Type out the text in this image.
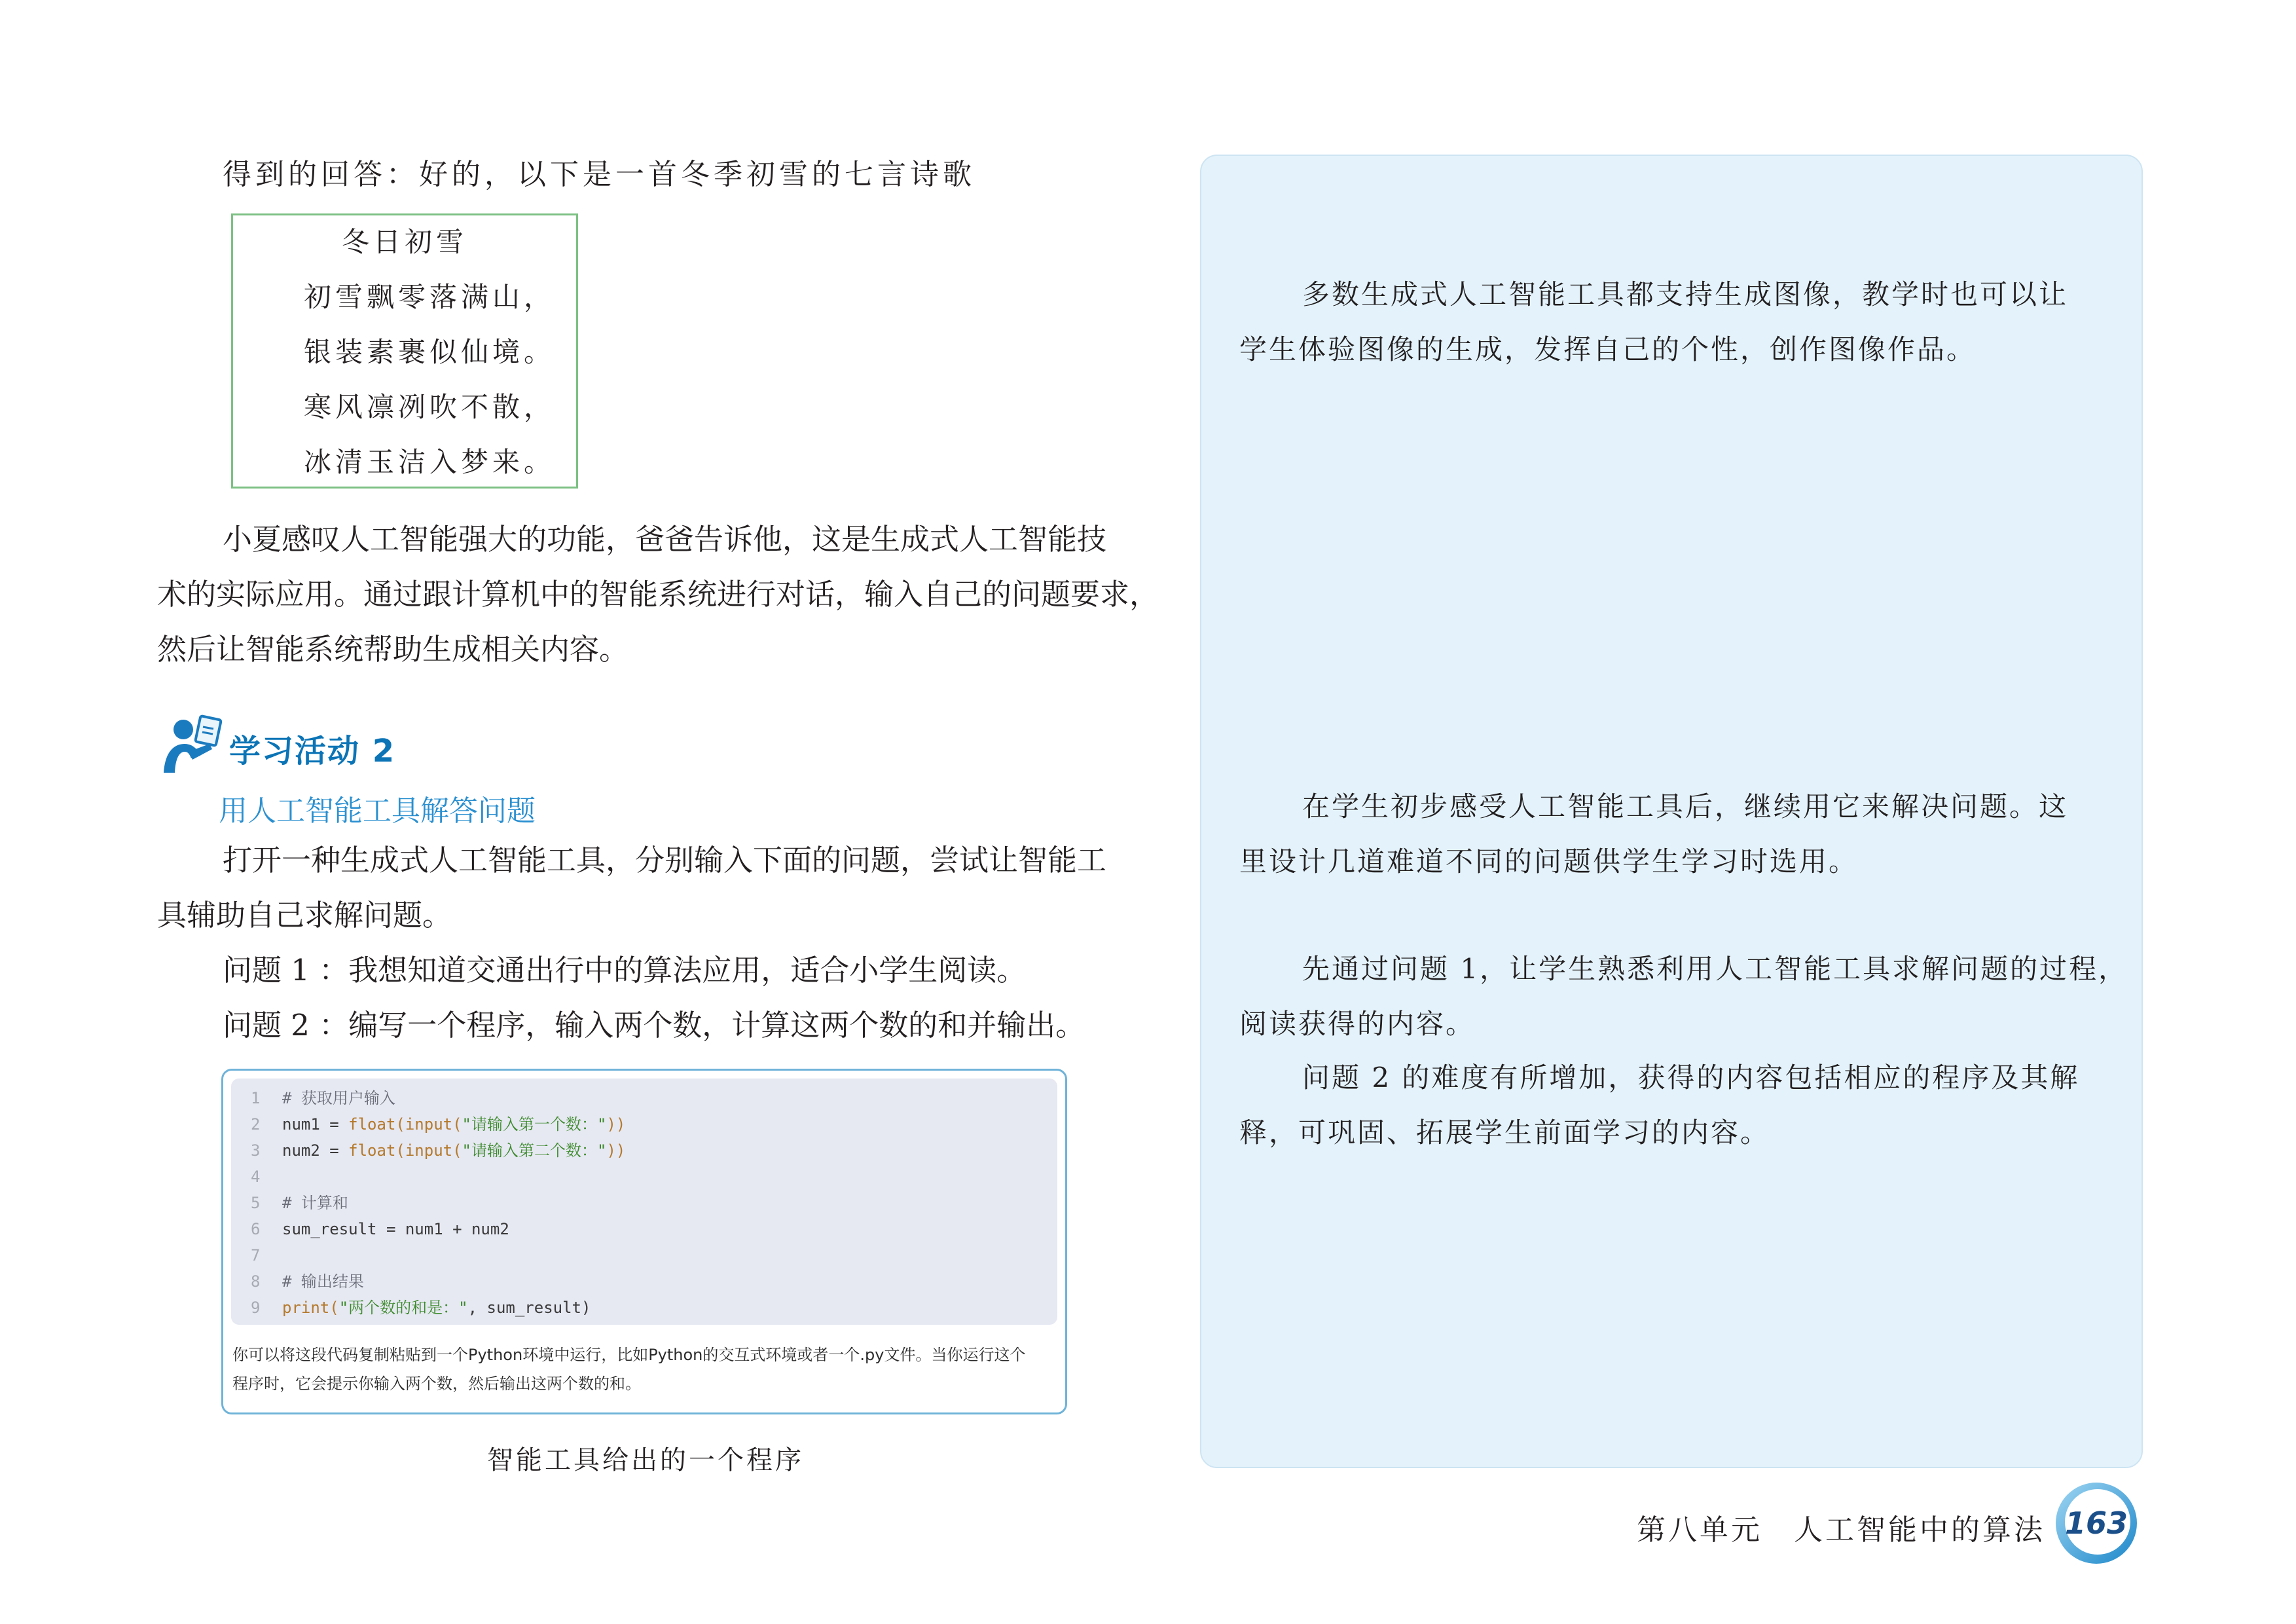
得到的回答：好的，以下是一首冬季初雪的七言诗歌
冬日初雪
初雪飘零落满山，
银装素裹似仙境。
寒风凛冽吹不散，
冰清玉洁入梦来。
小夏感叹人工智能强大的功能，爸爸告诉他，这是生成式人工智能技
术的实际应用。通过跟计算机中的智能系统进行对话，输入自己的问题要求，
然后让智能系统帮助生成相关内容。
学习活动 2
用人工智能工具解答问题
打开一种生成式人工智能工具，分别输入下面的问题，尝试让智能工
具辅助自己求解问题。
问题 1 ：我想知道交通出行中的算法应用，适合小学生阅读。
问题 2 ：编写一个程序，输入两个数，计算这两个数的和并输出。
1 # 获取用户输入
2 num1 = float(input("请输入第一个数："))
3 num2 = float(input("请输入第二个数："))
4
5 # 计算和
6 sum_result = num1 + num2
7
8 # 输出结果
9 print("两个数的和是：", sum_result)
你可以将这段代码复制粘贴到一个Python环境中运行，比如Python的交互式环境或者一个.py文件。当你运行这个
程序时，它会提示你输入两个数，然后输出这两个数的和。
智能工具给出的一个程序
多数生成式人工智能工具都支持生成图像，教学时也可以让
学生体验图像的生成，发挥自己的个性，创作图像作品。
在学生初步感受人工智能工具后，继续用它来解决问题。这
里设计几道难道不同的问题供学生学习时选用。
先通过问题 1，让学生熟悉利用人工智能工具求解问题的过程，
阅读获得的内容。
问题 2 的难度有所增加，获得的内容包括相应的程序及其解
释，可巩固、拓展学生前面学习的内容。
第八单元　人工智能中的算法 163
